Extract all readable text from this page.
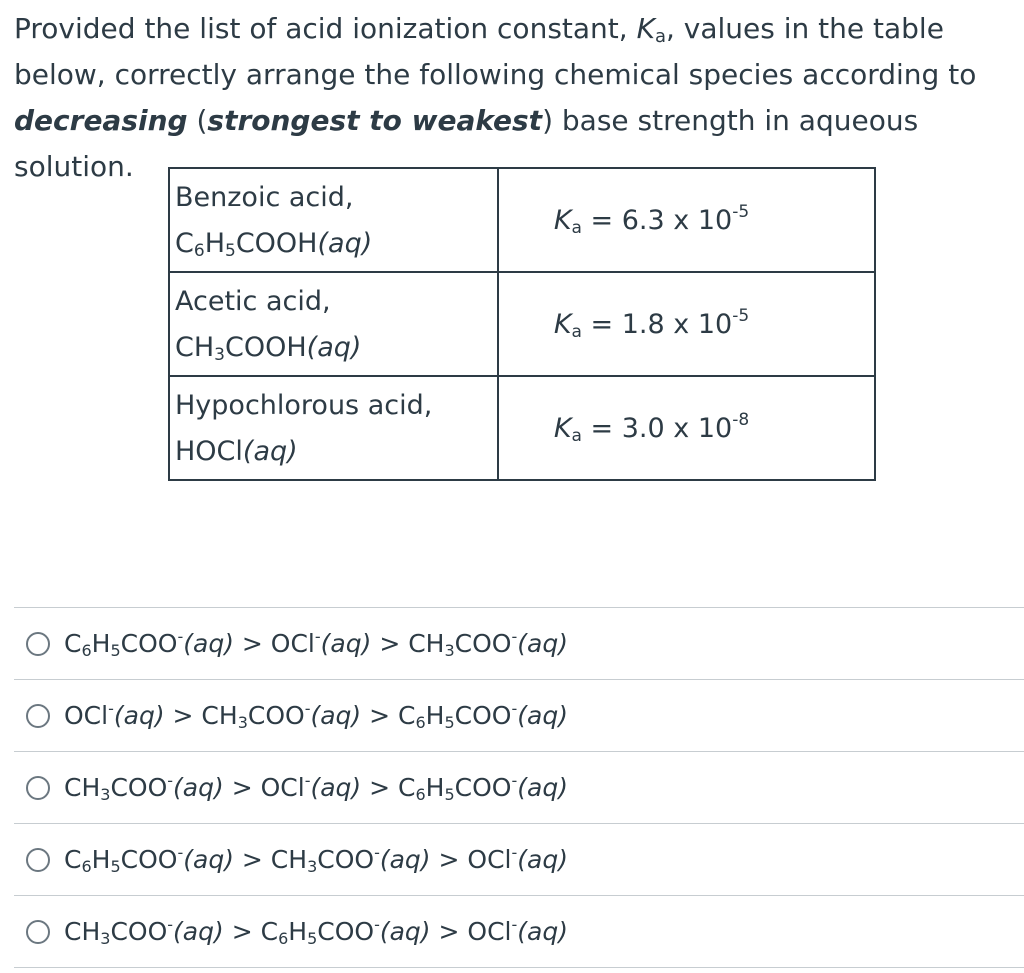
Provided the list of acid ionization constant, $K_a$, values in the table below, correctly arrange the following chemical species according to decreasing (strongest to weakest) base strength in aqueous solution.
Benzoic acid,
$C_6H_5COOH(aq)$	$K_a = 6.3$ x $10^{-5}$
Acetic acid,
$CH_3COOH(aq)$	$K_a = 1.8$ x $10^{-5}$
Hypochlorous acid,
HOCl(aq)	$K_a = 3.0$ x $10^{-8}$
$C_6H_5COO^-(aq) > OCl^-(aq) > CH_3COO^-(aq)$
$OCl^-(aq) > CH_3COO^-(aq) > C_6H_5COO^-(aq)$
$CH_3COO^-(aq) > OCl^-(aq) > C_6H_5COO^-(aq)$
$C_6H_5COO^-(aq) > CH_3COO^-(aq) > OCl^-(aq)$
$CH_3COO^-(aq) > C_6H_5COO^-(aq) > OCl^-(aq)$
